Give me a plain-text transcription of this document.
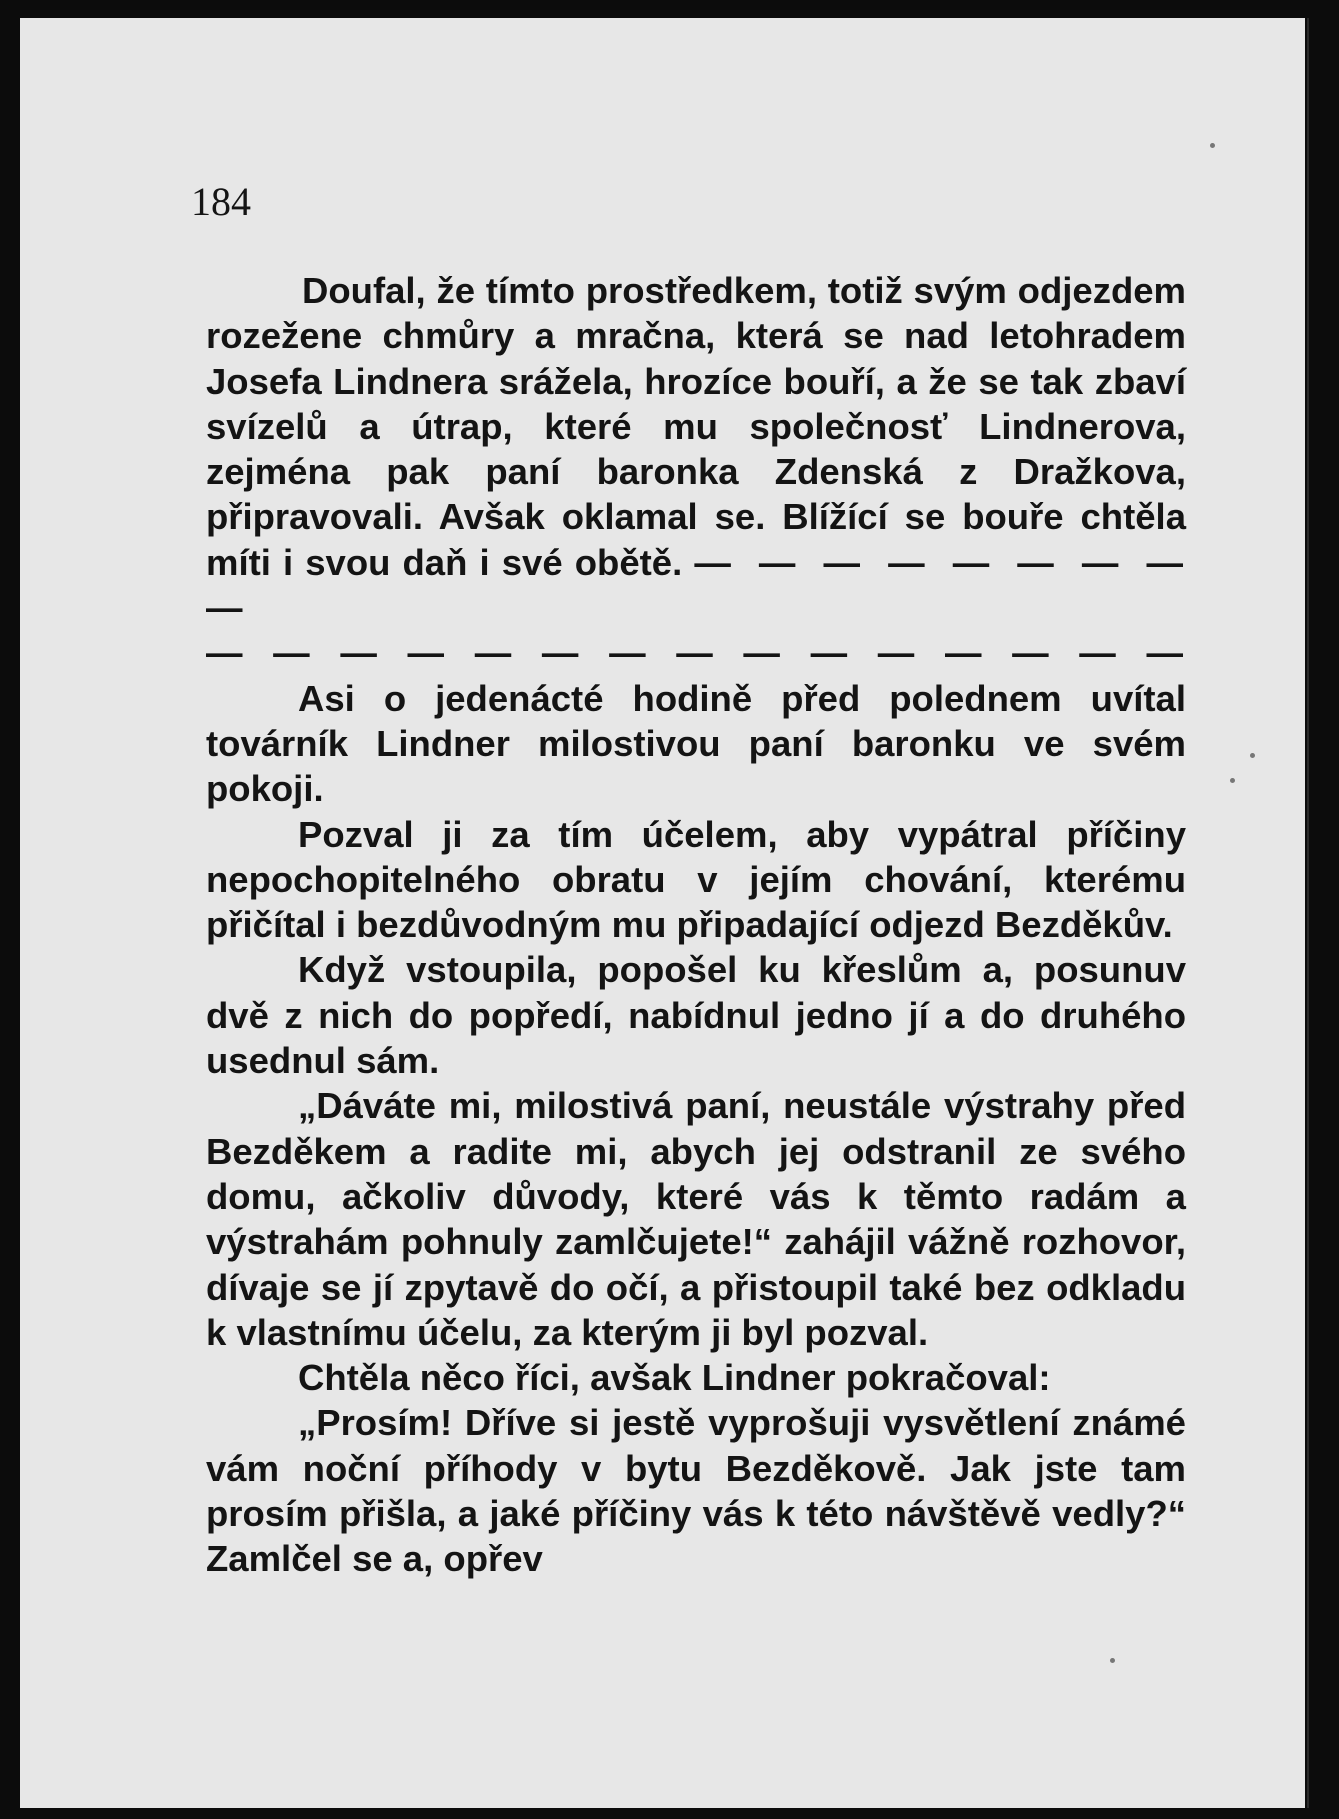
184

Doufal, že tímto prostředkem, totiž svým odjezdem rozežene chmůry a mračna, která se nad letohradem Josefa Lindnera srážela, hrozíce bouří, a že se tak zbaví svízelů a útrap, které mu společnosť Lindnerova, zejména pak paní baronka Zdenská z Dražkova, připravovali. Avšak oklamal se. Blížící se bouře chtěla míti i svou daň i své obětě. — — — — — — — — —

— — — — — — — — — — — — — — —

Asi o jedenácté hodině před polednem uvítal továrník Lindner milostivou paní baronku ve svém pokoji.

Pozval ji za tím účelem, aby vypátral příčiny nepochopitelného obratu v jejím chování, kterému přičítal i bezdůvodným mu připadající odjezd Bezděkův.

Když vstoupila, popošel ku křeslům a, posunuv dvě z nich do popředí, nabídnul jedno jí a do druhého usednul sám.

„Dáváte mi, milostivá paní, neustále výstrahy před Bezděkem a radite mi, abych jej odstranil ze svého domu, ačkoliv důvody, které vás k těmto radám a výstrahám pohnuly zamlčujete!“ zahájil vážně rozhovor, dívaje se jí zpytavě do očí, a přistoupil také bez odkladu k vlastnímu účelu, za kterým ji byl pozval.

Chtěla něco říci, avšak Lindner pokračoval:

„Prosím! Dříve si jestě vyprošuji vysvětlení známé vám noční příhody v bytu Bezděkově. Jak jste tam prosím přišla, a jaké příčiny vás k této návštěvě vedly?“ Zamlčel se a, opřev
